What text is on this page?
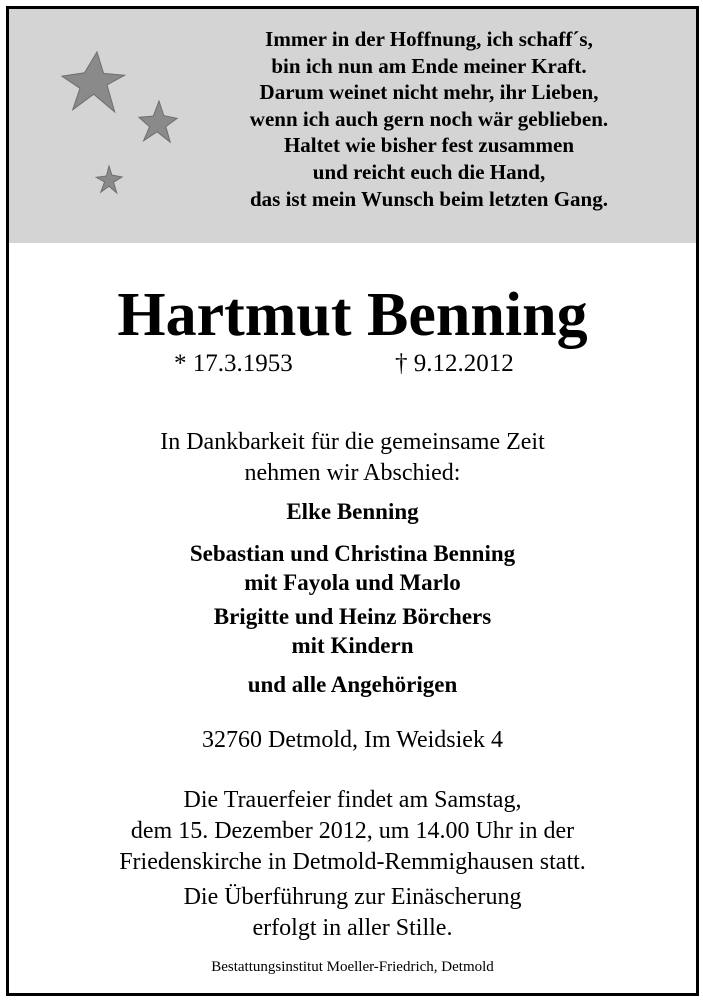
Immer in der Hoffnung, ich schaff´s,
bin ich nun am Ende meiner Kraft.
Darum weinet nicht mehr, ihr Lieben,
wenn ich auch gern noch wär geblieben.
Haltet wie bisher fest zusammen
und reicht euch die Hand,
das ist mein Wunsch beim letzten Gang.
Hartmut Benning
* 17.3.1953	† 9.12.2012
In Dankbarkeit für die gemeinsame Zeit
nehmen wir Abschied:
Elke Benning
Sebastian und Christina Benning
mit Fayola und Marlo
Brigitte und Heinz Börchers
mit Kindern
und alle Angehörigen
32760 Detmold, Im Weidsiek 4
Die Trauerfeier findet am Samstag,
dem 15. Dezember 2012, um 14.00 Uhr in der
Friedenskirche in Detmold-Remmighausen statt.
Die Überführung zur Einäscherung
erfolgt in aller Stille.
Bestattungsinstitut Moeller-Friedrich, Detmold
